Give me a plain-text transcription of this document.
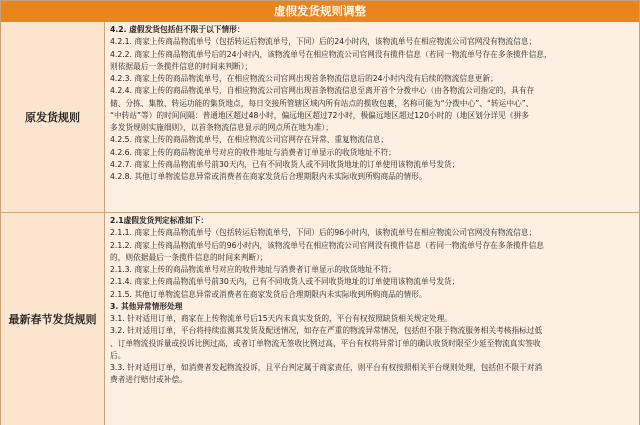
虚假发货规则调整
原发货规则
4.2. 虚假发货包括但不限于以下情形：
4.2.1. 商家上传商品物流单号（包括转运后物流单号，下同）后的24小时内，该物流单号在相应物流公司官网没有物流信息；
4.2.2. 商家上传商品物流单号后的24小时内，该物流单号在相应物流公司官网没有揽件信息（若同一物流单号存在多条揽件信息，
则依据最后一条揽件信息的时间来判断）；
4.2.3. 商家上传的商品物流单号，在相应物流公司官网出现首条物流信息后的24小时内没有后续的物流信息更新；
4.2.4. 商家上传的商品物流单号，自相应物流公司官网出现首条物流信息至离开首个分拨中心（由各物流公司指定的，具有存
储、分拣、集散、转运功能的集货地点，每日交接所管辖区域内所有站点的揽收包裹，名称可能为“分拨中心”、“转运中心”、
“中转站”等）的时间间隔：普通地区超过48小时，偏远地区超过72小时，极偏远地区超过120小时的（地区划分详见《拼多
多发货规则实施细则》，以首条物流信息显示的网点所在地为准）；
4.2.5. 商家上传的商品物流单号，在相应物流公司官网存在异常、重复物流信息；
4.2.6. 商家上传的商品物流单号对应的收件地址与消费者订单显示的收货地址不符；
4.2.7. 商家上传商品物流单号前30天内，已有不同收货人或不同收货地址的订单使用该物流单号发货；
4.2.8. 其他订单物流信息异常或消费者在商家发货后合理期限内未实际收到所购商品的情形。
最新春节发货规则
2.1虚假发货判定标准如下：
2.1.1. 商家上传商品物流单号（包括转运后物流单号，下同）后的96小时内，该物流单号在相应物流公司官网没有物流信息；
2.1.2. 商家上传商品物流单号后的96小时内，该物流单号在相应物流公司官网没有揽件信息（若同一物流单号存在多条揽件信息
的，则依据最后一条揽件信息的时间来判断）；
2.1.3. 商家上传的商品物流单号对应的收件地址与消费者订单显示的收货地址不符；
2.1.4. 商家上传商品物流单号前30天内，已有不同收货人或不同收货地址的订单使用该物流单号发货；
2.1.5. 其他订单物流信息异常或消费者在商家发货后合理期限内未实际收到所购商品的情形。
3. 其他异常情形处理
3.1. 针对适用订单，商家在上传物流单号后15天内未真实发货的，平台有权按照缺货相关规定处理。
3.2. 针对适用订单，平台将持续监测其发货及配送情况，如存在严重的物流异常情况，包括但不限于物流服务相关考核指标过低
、订单物流投诉量或投诉比例过高，或者订单物流无签收比例过高，平台有权将异常订单的确认收货时限至少延至物流真实签收
后。
3.3. 针对适用订单，如消费者发起物流投诉，且平台判定属于商家责任，则平台有权按照相关平台规则处理，包括但不限于对消
费者进行赔付或补偿。
